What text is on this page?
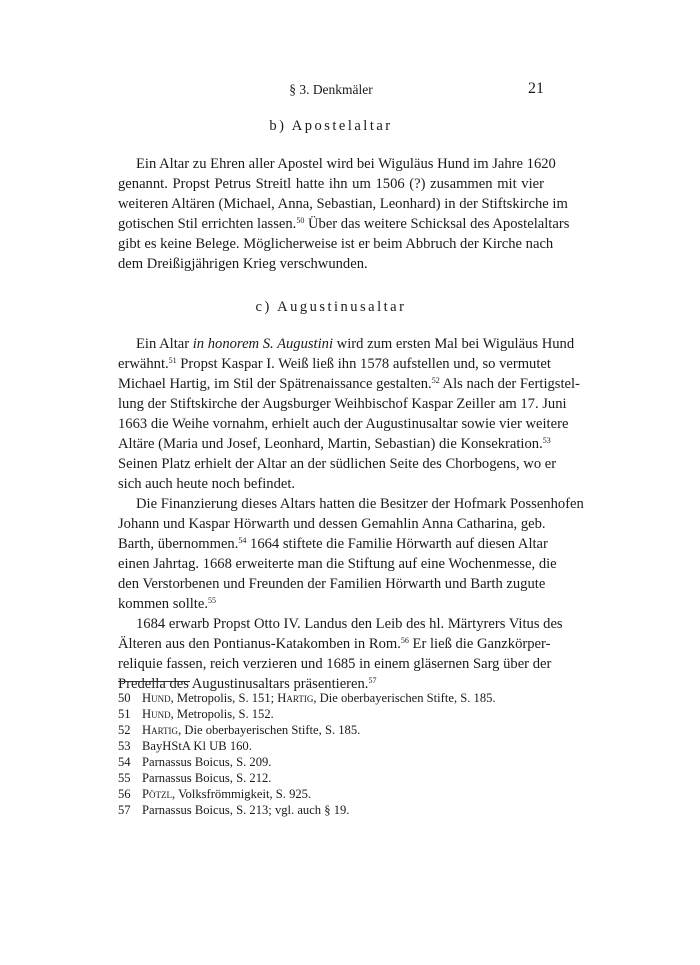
§ 3. Denkmäler	21
b) Apostelaltar
Ein Altar zu Ehren aller Apostel wird bei Wiguläus Hund im Jahre 1620
genannt. Propst Petrus Streitl hatte ihn um 1506 (?) zusammen mit vier
weiteren Altären (Michael, Anna, Sebastian, Leonhard) in der Stiftskirche im
gotischen Stil errichten lassen.$^{50}$ Über das weitere Schicksal des Apostelaltars
gibt es keine Belege. Möglicherweise ist er beim Abbruch der Kirche nach
dem Dreißigjährigen Krieg verschwunden.
c) Augustinusaltar
Ein Altar in honorem S. Augustini wird zum ersten Mal bei Wiguläus Hund
erwähnt.$^{51}$ Propst Kaspar I. Weiß ließ ihn 1578 aufstellen und, so vermutet
Michael Hartig, im Stil der Spätrenaissance gestalten.$^{52}$ Als nach der Fertigstel-
lung der Stiftskirche der Augsburger Weihbischof Kaspar Zeiller am 17. Juni
1663 die Weihe vornahm, erhielt auch der Augustinusaltar sowie vier weitere
Altäre (Maria und Josef, Leonhard, Martin, Sebastian) die Konsekration.$^{53}$
Seinen Platz erhielt der Altar an der südlichen Seite des Chorbogens, wo er
sich auch heute noch befindet.
Die Finanzierung dieses Altars hatten die Besitzer der Hofmark Possenhofen
Johann und Kaspar Hörwarth und dessen Gemahlin Anna Catharina, geb.
Barth, übernommen.$^{54}$ 1664 stiftete die Familie Hörwarth auf diesen Altar
einen Jahrtag. 1668 erweiterte man die Stiftung auf eine Wochenmesse, die
den Verstorbenen und Freunden der Familien Hörwarth und Barth zugute
kommen sollte.$^{55}$
1684 erwarb Propst Otto IV. Landus den Leib des hl. Märtyrers Vitus des
Älteren aus den Pontianus-Katakomben in Rom.$^{56}$ Er ließ die Ganzkörper-
reliquie fassen, reich verzieren und 1685 in einem gläsernen Sarg über der
Predella des Augustinusaltars präsentieren.$^{57}$
50 Hund, Metropolis, S. 151; Hartig, Die oberbayerischen Stifte, S. 185.
51 Hund, Metropolis, S. 152.
52 Hartig, Die oberbayerischen Stifte, S. 185.
53 BayHStA Kl UB 160.
54 Parnassus Boicus, S. 209.
55 Parnassus Boicus, S. 212.
56 Pötzl, Volksfrömmigkeit, S. 925.
57 Parnassus Boicus, S. 213; vgl. auch § 19.
